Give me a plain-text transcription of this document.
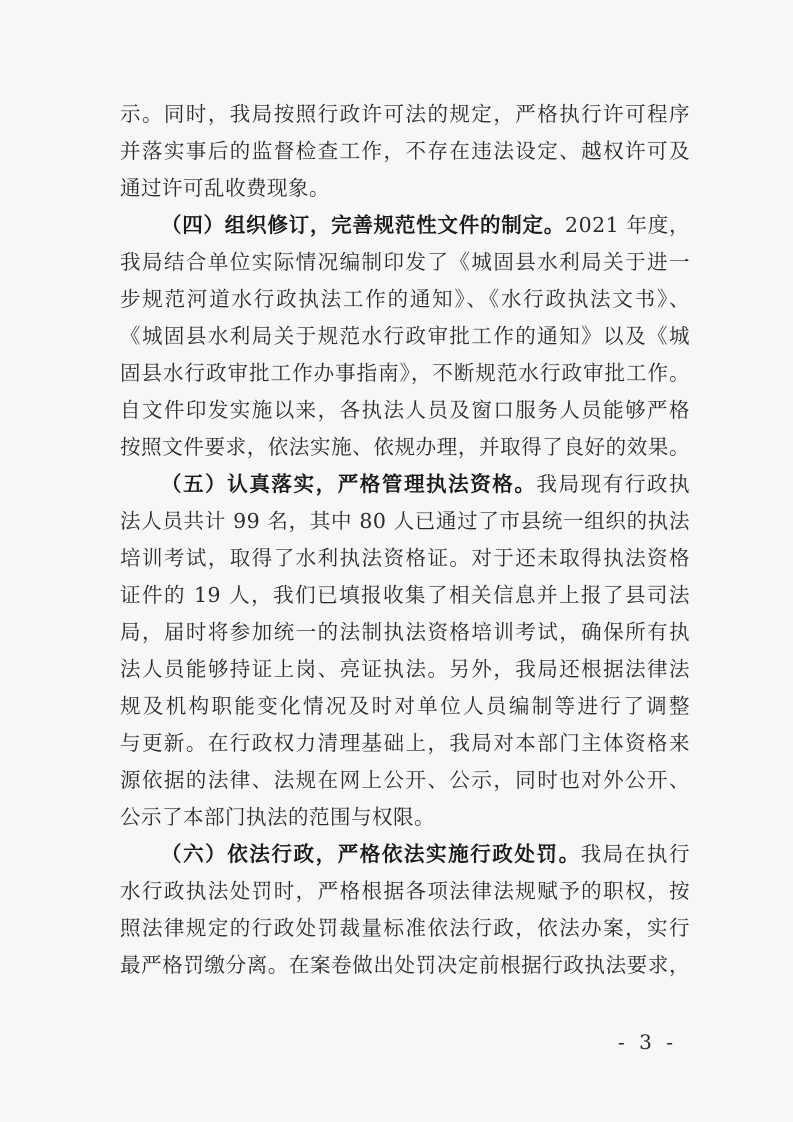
示。同时，我局按照行政许可法的规定，严格执行许可程序
并落实事后的监督检查工作，不存在违法设定、越权许可及
通过许可乱收费现象。
（四）组织修订，完善规范性文件的制定。2021 年度，
我局结合单位实际情况编制印发了《城固县水利局关于进一
步规范河道水行政执法工作的通知》、《水行政执法文书》、
《城固县水利局关于规范水行政审批工作的通知》以及《城
固县水行政审批工作办事指南》，不断规范水行政审批工作。
自文件印发实施以来，各执法人员及窗口服务人员能够严格
按照文件要求，依法实施、依规办理，并取得了良好的效果。
（五）认真落实，严格管理执法资格。我局现有行政执
法人员共计 99 名，其中 80 人已通过了市县统一组织的执法
培训考试，取得了水利执法资格证。对于还未取得执法资格
证件的 19 人，我们已填报收集了相关信息并上报了县司法
局，届时将参加统一的法制执法资格培训考试，确保所有执
法人员能够持证上岗、亮证执法。另外，我局还根据法律法
规及机构职能变化情况及时对单位人员编制等进行了调整
与更新。在行政权力清理基础上，我局对本部门主体资格来
源依据的法律、法规在网上公开、公示，同时也对外公开、
公示了本部门执法的范围与权限。
（六）依法行政，严格依法实施行政处罚。我局在执行
水行政执法处罚时，严格根据各项法律法规赋予的职权，按
照法律规定的行政处罚裁量标准依法行政，依法办案，实行
最严格罚缴分离。在案卷做出处罚决定前根据行政执法要求，
- 3 -
